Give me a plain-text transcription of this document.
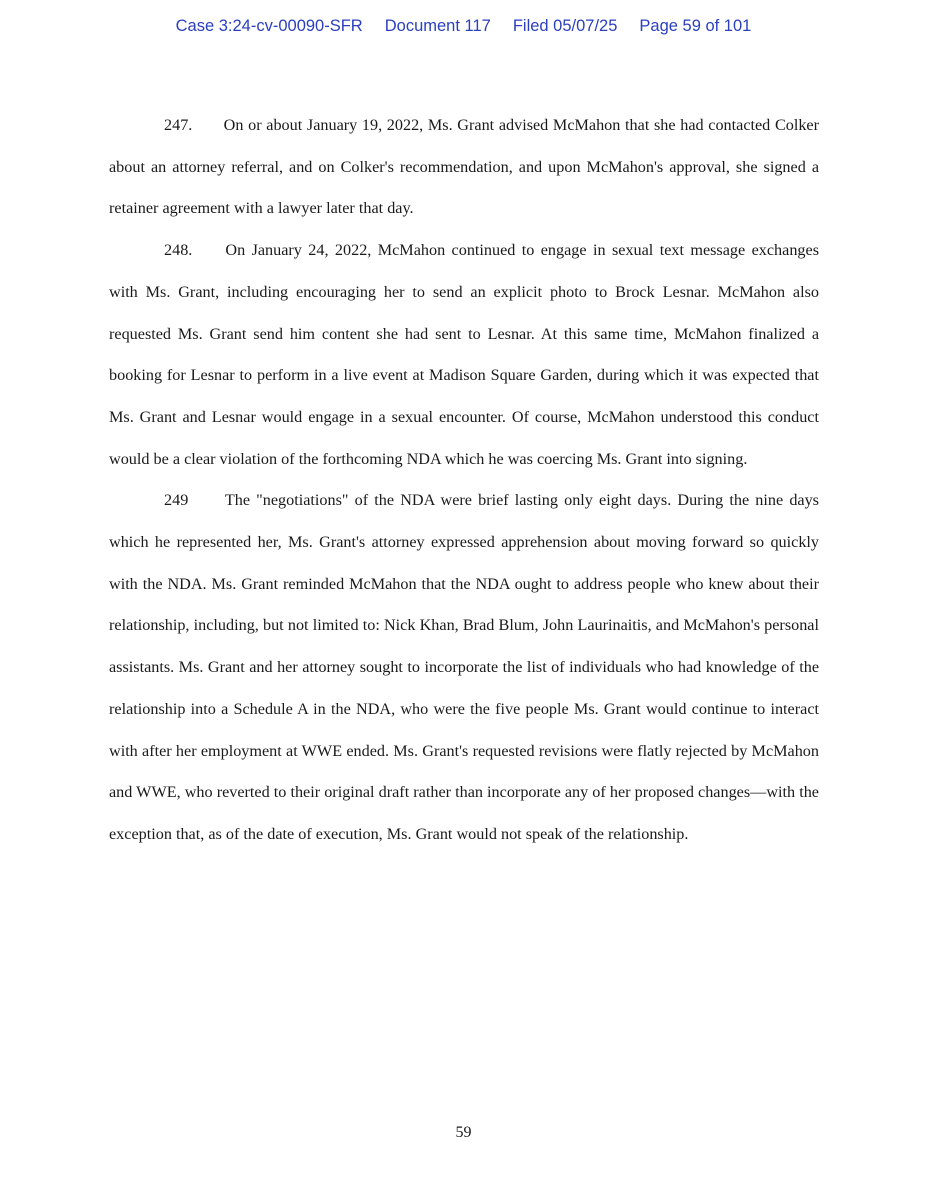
Case 3:24-cv-00090-SFR Document 117 Filed 05/07/25 Page 59 of 101

247. On or about January 19, 2022, Ms. Grant advised McMahon that she had contacted Colker about an attorney referral, and on Colker's recommendation, and upon McMahon's approval, she signed a retainer agreement with a lawyer later that day.

248. On January 24, 2022, McMahon continued to engage in sexual text message exchanges with Ms. Grant, including encouraging her to send an explicit photo to Brock Lesnar. McMahon also requested Ms. Grant send him content she had sent to Lesnar. At this same time, McMahon finalized a booking for Lesnar to perform in a live event at Madison Square Garden, during which it was expected that Ms. Grant and Lesnar would engage in a sexual encounter. Of course, McMahon understood this conduct would be a clear violation of the forthcoming NDA which he was coercing Ms. Grant into signing.

249 The "negotiations" of the NDA were brief lasting only eight days. During the nine days which he represented her, Ms. Grant's attorney expressed apprehension about moving forward so quickly with the NDA. Ms. Grant reminded McMahon that the NDA ought to address people who knew about their relationship, including, but not limited to: Nick Khan, Brad Blum, John Laurinaitis, and McMahon's personal assistants. Ms. Grant and her attorney sought to incorporate the list of individuals who had knowledge of the relationship into a Schedule A in the NDA, who were the five people Ms. Grant would continue to interact with after her employment at WWE ended. Ms. Grant's requested revisions were flatly rejected by McMahon and WWE, who reverted to their original draft rather than incorporate any of her proposed changes—with the exception that, as of the date of execution, Ms. Grant would not speak of the relationship.

59
